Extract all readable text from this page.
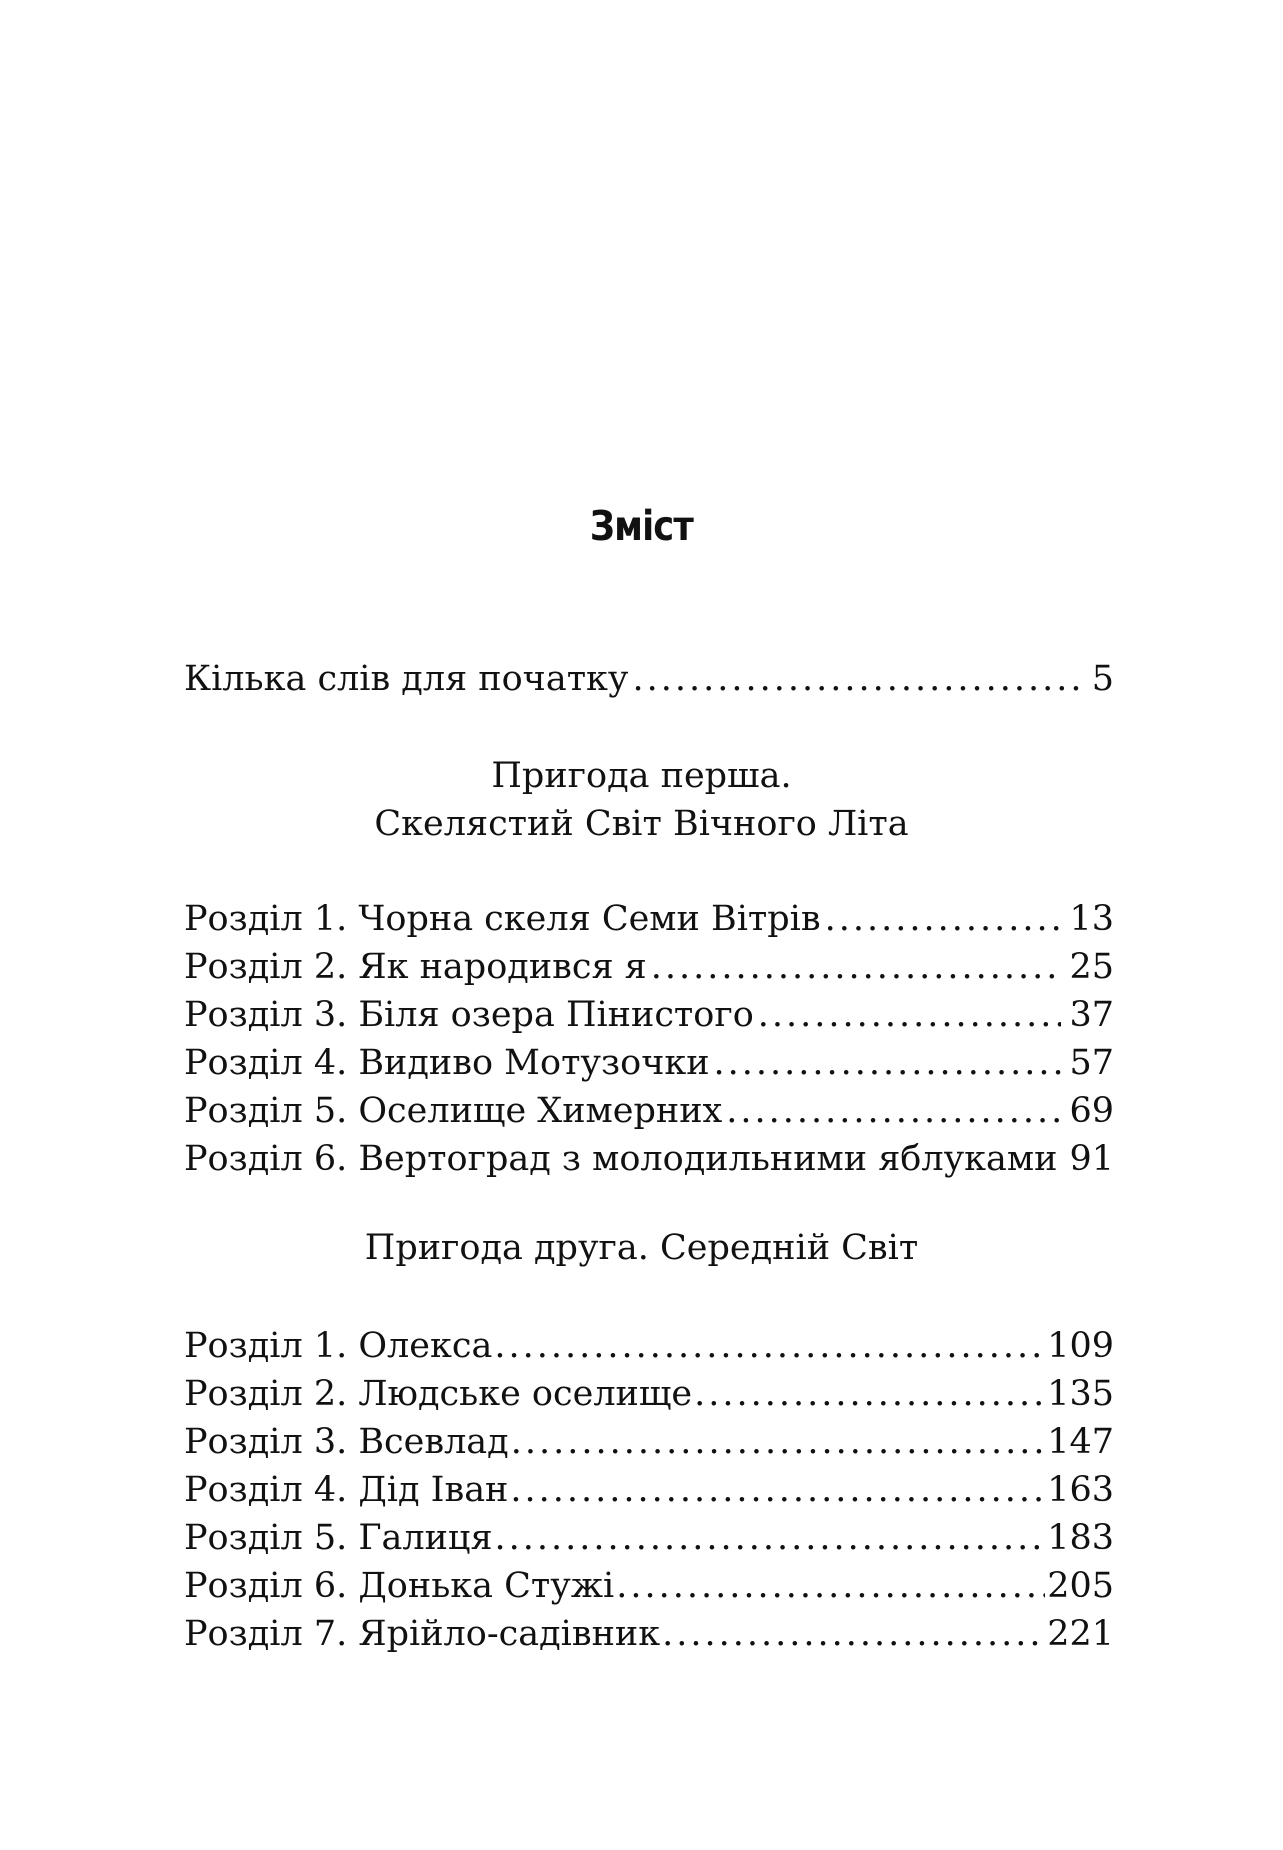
Зміст
Кілька слів для початку .....	5
Пригода перша.
Скелястий Світ Вічного Літа
Розділ 1. Чорна скеля Семи Вітрів .....	13
Розділ 2. Як народився я .....	25
Розділ 3. Біля озера Пінистого .....	37
Розділ 4. Видиво Мотузочки .....	57
Розділ 5. Оселище Химерних .....	69
Розділ 6. Вертоград з молодильними яблуками 91
Пригода друга. Середній Світ
Розділ 1. Олекса .....	109
Розділ 2. Людське оселище .....	135
Розділ 3. Всевлад .....	147
Розділ 4. Дід Іван .....	163
Розділ 5. Галиця .....	183
Розділ 6. Донька Стужі .....	205
Розділ 7. Ярійло-садівник .....	221
